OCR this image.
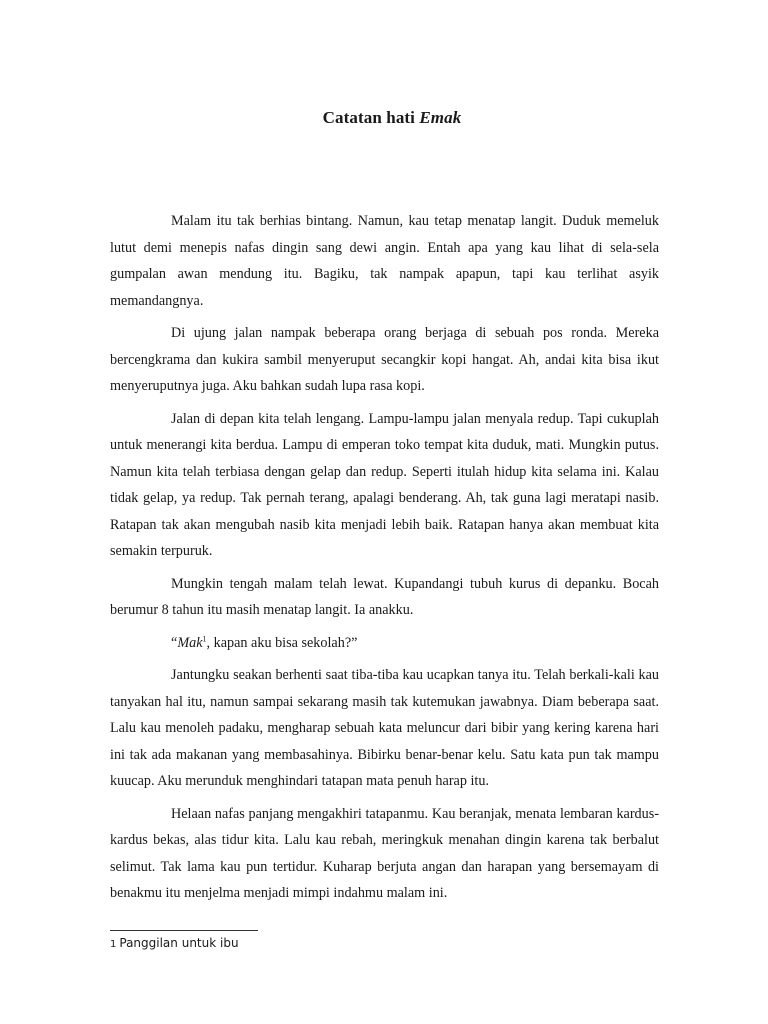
Catatan hati Emak

Malam itu tak berhias bintang. Namun, kau tetap menatap langit. Duduk memeluk lutut demi menepis nafas dingin sang dewi angin. Entah apa yang kau lihat di sela-sela gumpalan awan mendung itu. Bagiku, tak nampak apapun, tapi kau terlihat asyik memandangnya.

Di ujung jalan nampak beberapa orang berjaga di sebuah pos ronda. Mereka bercengkrama dan kukira sambil menyeruput secangkir kopi hangat. Ah, andai kita bisa ikut menyeruputnya juga. Aku bahkan sudah lupa rasa kopi.

Jalan di depan kita telah lengang. Lampu-lampu jalan menyala redup. Tapi cukuplah untuk menerangi kita berdua. Lampu di emperan toko tempat kita duduk, mati. Mungkin putus. Namun kita telah terbiasa dengan gelap dan redup. Seperti itulah hidup kita selama ini. Kalau tidak gelap, ya redup. Tak pernah terang, apalagi benderang. Ah, tak guna lagi meratapi nasib. Ratapan tak akan mengubah nasib kita menjadi lebih baik. Ratapan hanya akan membuat kita semakin terpuruk.

Mungkin tengah malam telah lewat. Kupandangi tubuh kurus di depanku. Bocah berumur 8 tahun itu masih menatap langit. Ia anakku.

“Mak$^1$, kapan aku bisa sekolah?”

Jantungku seakan berhenti saat tiba-tiba kau ucapkan tanya itu. Telah berkali-kali kau tanyakan hal itu, namun sampai sekarang masih tak kutemukan jawabnya. Diam beberapa saat. Lalu kau menoleh padaku, mengharap sebuah kata meluncur dari bibir yang kering karena hari ini tak ada makanan yang membasahinya. Bibirku benar-benar kelu. Satu kata pun tak mampu kuucap. Aku merunduk menghindari tatapan mata penuh harap itu.

Helaan nafas panjang mengakhiri tatapanmu. Kau beranjak, menata lembaran kardus-kardus bekas, alas tidur kita. Lalu kau rebah, meringkuk menahan dingin karena tak berbalut selimut. Tak lama kau pun tertidur. Kuharap berjuta angan dan harapan yang bersemayam di benakmu itu menjelma menjadi mimpi indahmu malam ini.

1 Panggilan untuk ibu
